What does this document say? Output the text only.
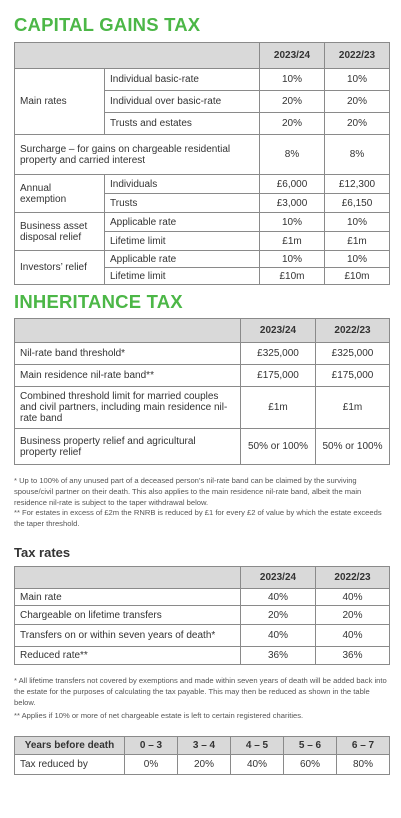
CAPITAL GAINS TAX
		2023/24	2022/23
Main rates	Individual basic-rate	10%	10%
	Individual over basic-rate	20%	20%
	Trusts and estates	20%	20%
Surcharge – for gains on chargeable residential property and carried interest		8%	8%
Annual exemption	Individuals	£6,000	£12,300
	Trusts	£3,000	£6,150
Business asset disposal relief	Applicable rate	10%	10%
	Lifetime limit	£1m	£1m
Investors’ relief	Applicable rate	10%	10%
	Lifetime limit	£10m	£10m
INHERITANCE TAX
	2023/24	2022/23
Nil-rate band threshold*	£325,000	£325,000
Main residence nil-rate band**	£175,000	£175,000
Combined threshold limit for married couples and civil partners, including main residence nil-rate band	£1m	£1m
Business property relief and agricultural property relief	50% or 100%	50% or 100%

* Up to 100% of any unused part of a deceased person’s nil-rate band can be claimed by the surviving spouse/civil partner on their death. This also applies to the main residence nil-rate band, albeit the main residence nil-rate is subject to the taper withdrawal below.

** For estates in excess of £2m the RNRB is reduced by £1 for every £2 of value by which the estate exceeds the taper threshold.

Tax rates
	2023/24	2022/23
Main rate	40%	40%
Chargeable on lifetime transfers	20%	20%
Transfers on or within seven years of death*	40%	40%
Reduced rate**	36%	36%

* All lifetime transfers not covered by exemptions and made within seven years of death will be added back into the estate for the purposes of calculating the tax payable. This may then be reduced as shown in the table below.

** Applies if 10% or more of net chargeable estate is left to certain registered charities.

Years before death	0 – 3	3 – 4	4 – 5	5 – 6	6 – 7
Tax reduced by	0%	20%	40%	60%	80%
